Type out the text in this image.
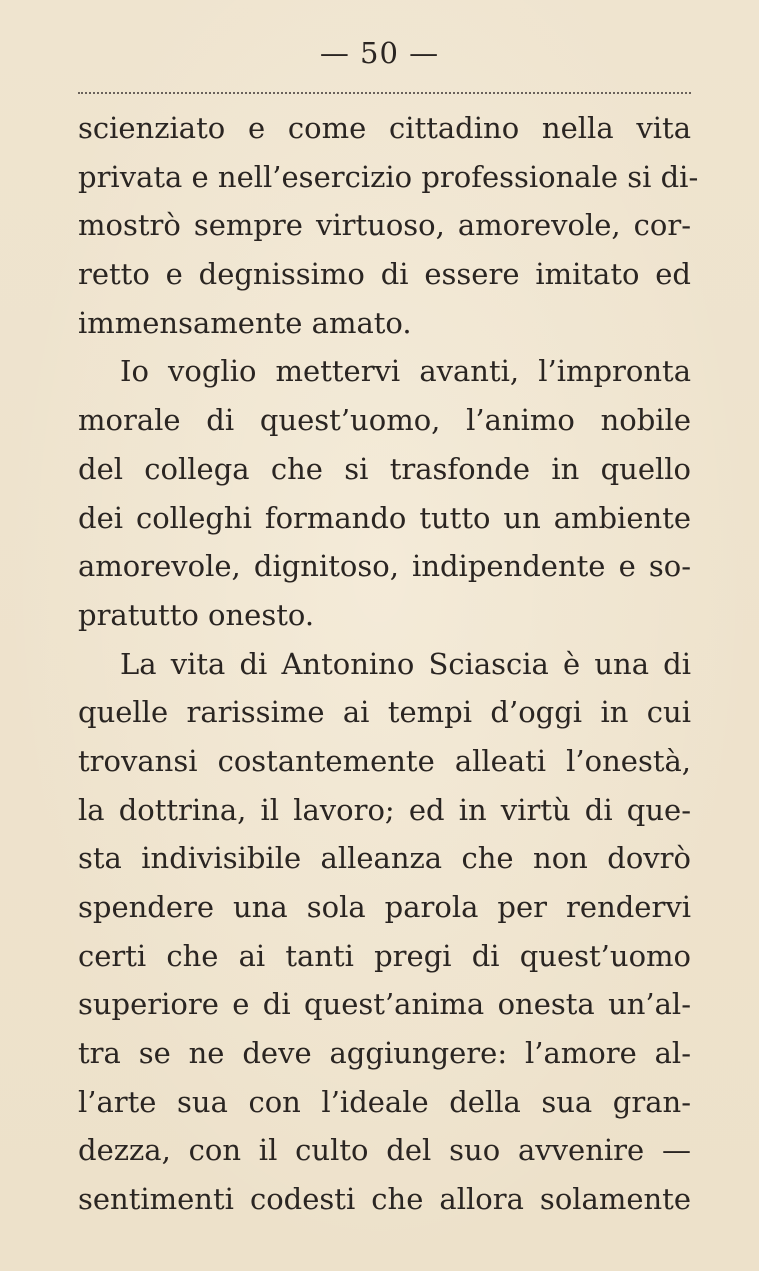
— 50 —
scienziato e come cittadino nella vita
privata e nell’esercizio professionale si di-
mostrò sempre virtuoso, amorevole, cor-
retto e degnissimo di essere imitato ed
immensamente amato.
Io voglio mettervi avanti, l’impronta
morale di quest’uomo, l’animo nobile
del collega che si trasfonde in quello
dei colleghi formando tutto un ambiente
amorevole, dignitoso, indipendente e so-
pratutto onesto.
La vita di Antonino Sciascia è una di
quelle rarissime ai tempi d’oggi in cui
trovansi costantemente alleati l’onestà,
la dottrina, il lavoro; ed in virtù di que-
sta indivisibile alleanza che non dovrò
spendere una sola parola per rendervi
certi che ai tanti pregi di quest’uomo
superiore e di quest’anima onesta un’al-
tra se ne deve aggiungere: l’amore al-
l’arte sua con l’ideale della sua gran-
dezza, con il culto del suo avvenire —
sentimenti codesti che allora solamente
